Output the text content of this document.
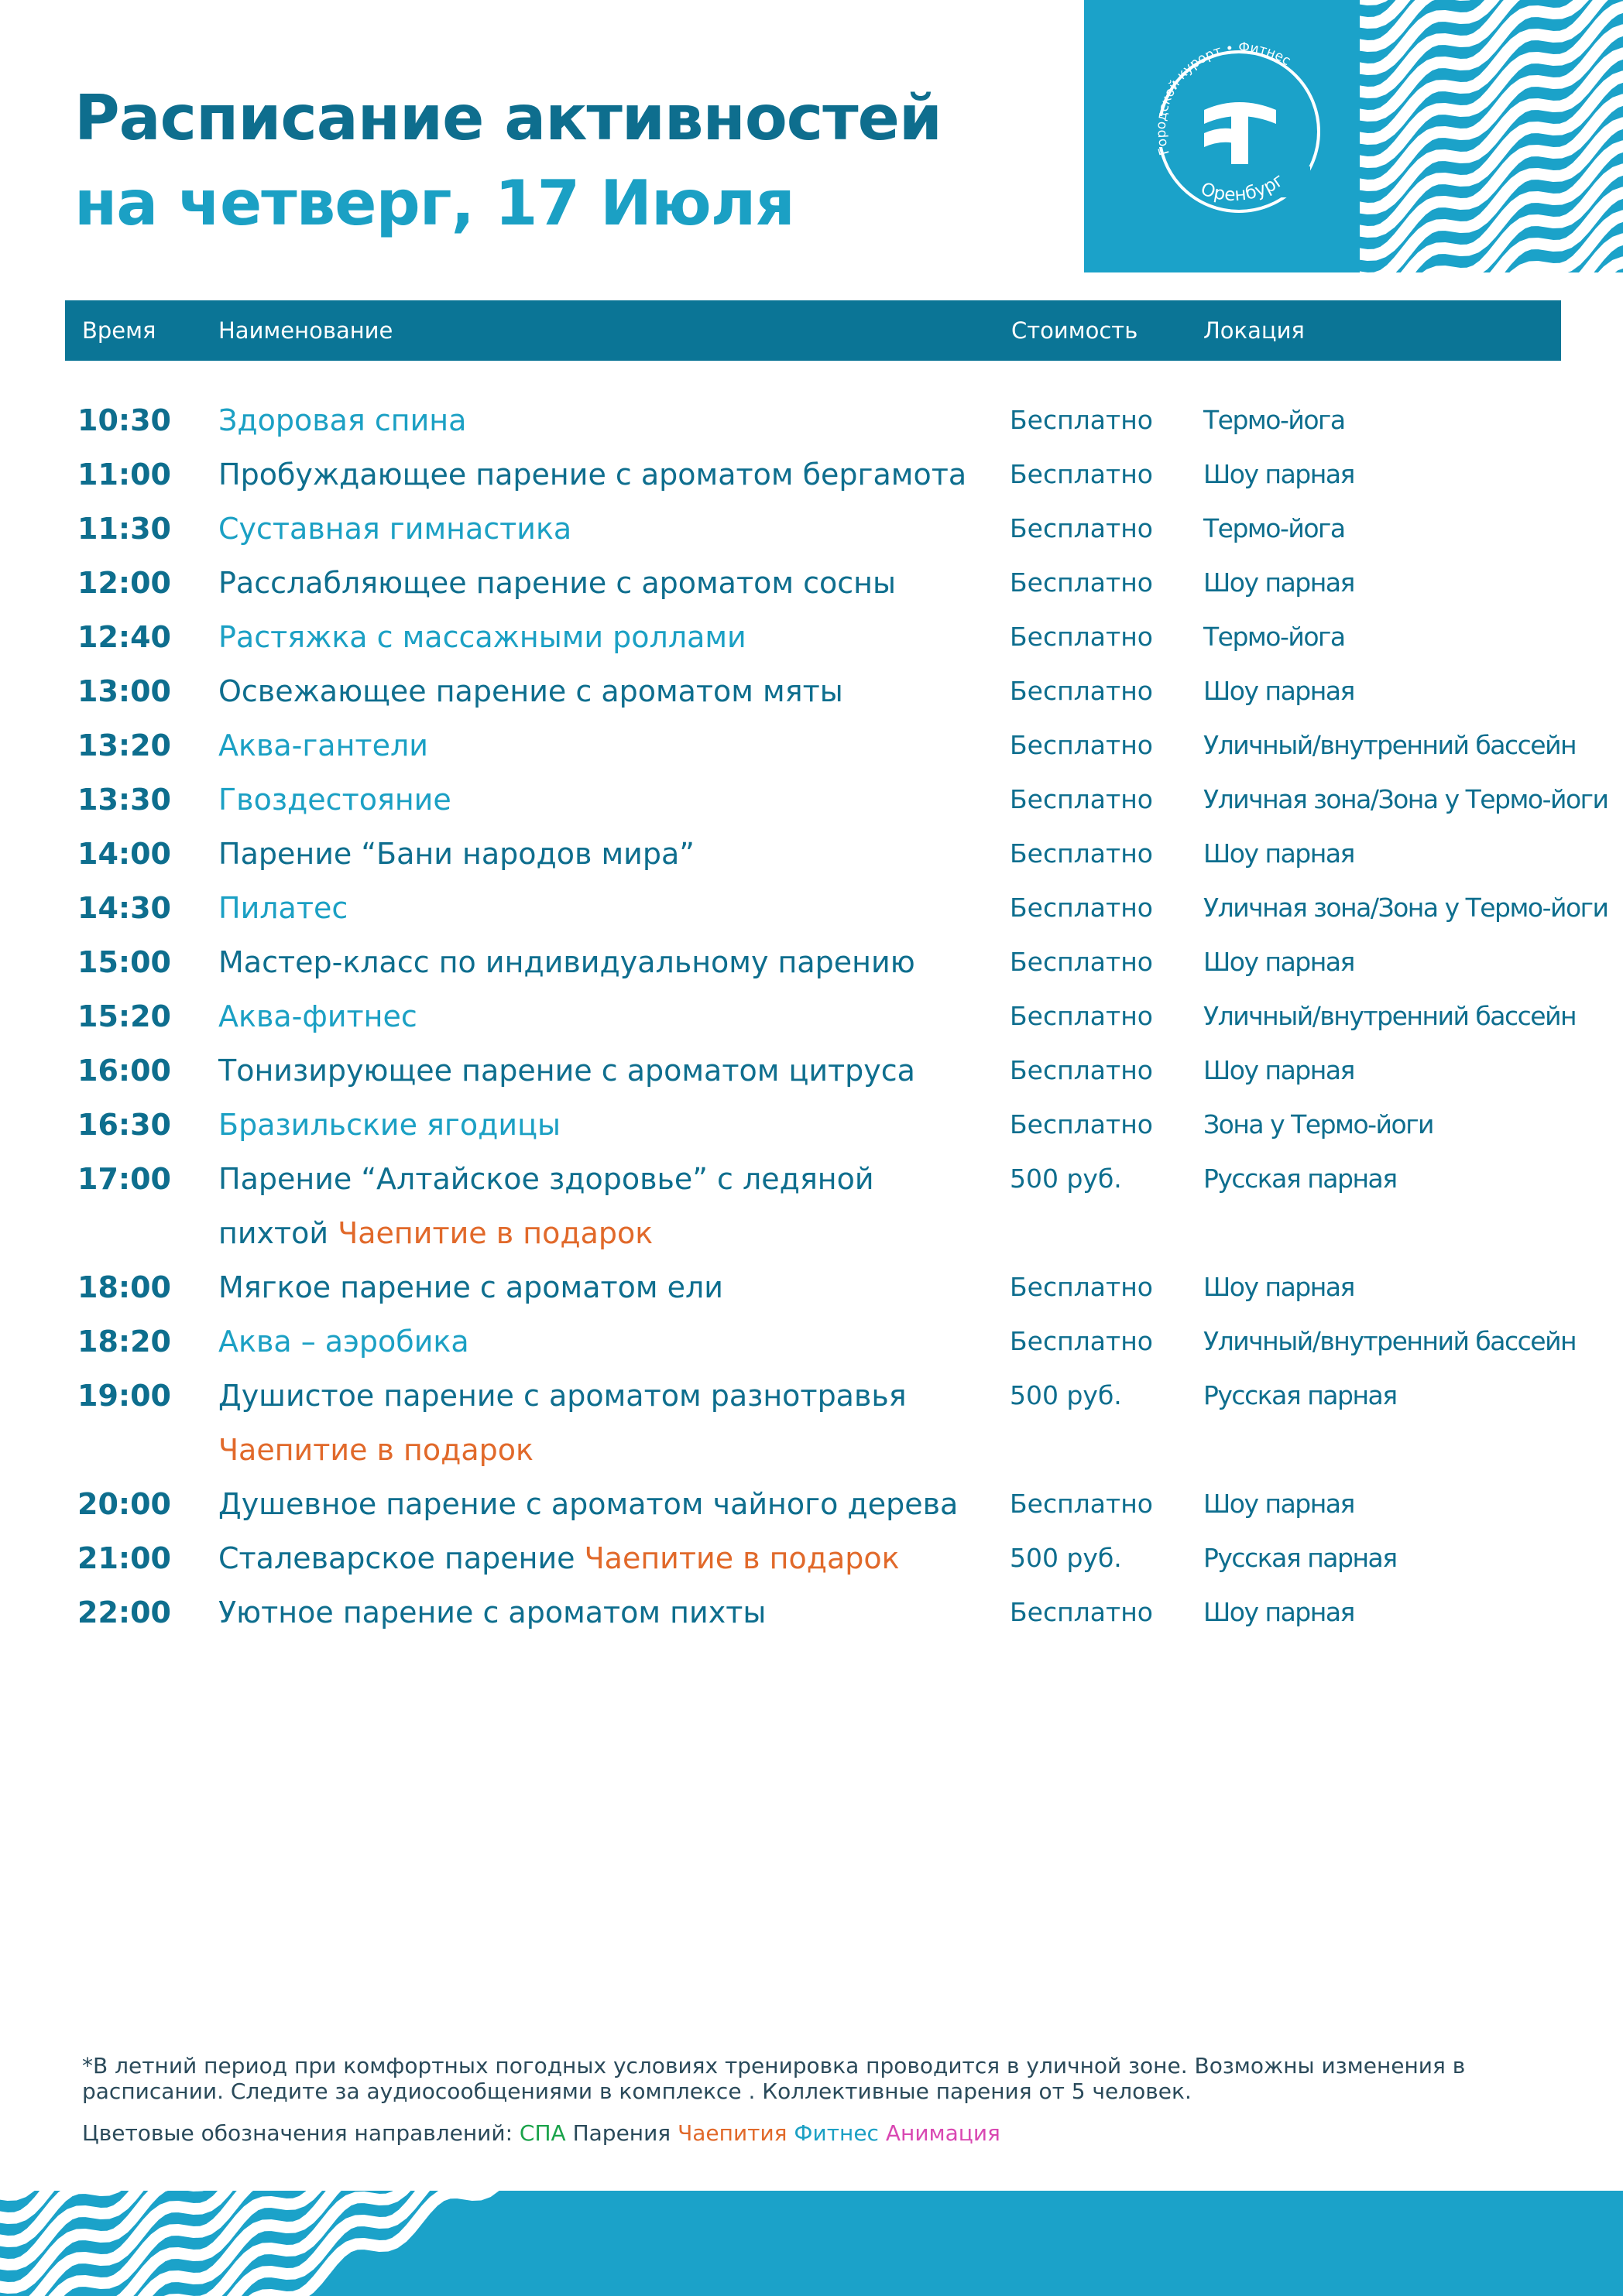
Расписание активностей
на четверг, 17 Июля
Городской курорт • Фитнес
Оренбург
Время	Наименование	Стоимость	Локация
10:30 Здоровая спина	Бесплатно Термо-йога
11:00 Пробуждающее парение с ароматом бергамота Бесплатно Шоу парная
11:30 Суставная гимнастика	Бесплатно Термо-йога
12:00 Расслабляющее парение с ароматом сосны	Бесплатно Шоу парная
12:40 Растяжка с массажными роллами	Бесплатно Термо-йога
13:00 Освежающее парение с ароматом мяты	Бесплатно Шоу парная
13:20 Аква-гантели	Бесплатно Уличный/внутренний бассейн
13:30 Гвоздестояние	Бесплатно Уличная зона/Зона у Термо-йоги
14:00 Парение “Бани народов мира”	Бесплатно Шоу парная
14:30 Пилатес	Бесплатно Уличная зона/Зона у Термо-йоги
15:00 Мастер-класс по индивидуальному парению	Бесплатно Шоу парная
15:20 Аква-фитнес	Бесплатно Уличный/внутренний бассейн
16:00 Тонизирующее парение с ароматом цитруса	Бесплатно Шоу парная
16:30 Бразильские ягодицы	Бесплатно Зона у Термо-йоги
17:00 Парение “Алтайское здоровье” с ледяной	500 руб.	Русская парная
пихтой Чаепитие в подарок
18:00 Мягкое парение с ароматом ели	Бесплатно Шоу парная
18:20 Аква – аэробика	Бесплатно Уличный/внутренний бассейн
19:00 Душистое парение с ароматом разнотравья	500 руб.	Русская парная
Чаепитие в подарок
20:00 Душевное парение с ароматом чайного дерева Бесплатно Шоу парная
21:00 Сталеварское парение Чаепитие в подарок	500 руб.	Русская парная
22:00 Уютное парение с ароматом пихты	Бесплатно Шоу парная
*В летний период при комфортных погодных условиях тренировка проводится в уличной зоне. Возможны изменения в расписании. Следите за аудиосообщениями в комплексе . Коллективные парения от 5 человек.
Цветовые обозначения направлений: СПА Парения Чаепития Фитнес Анимация
